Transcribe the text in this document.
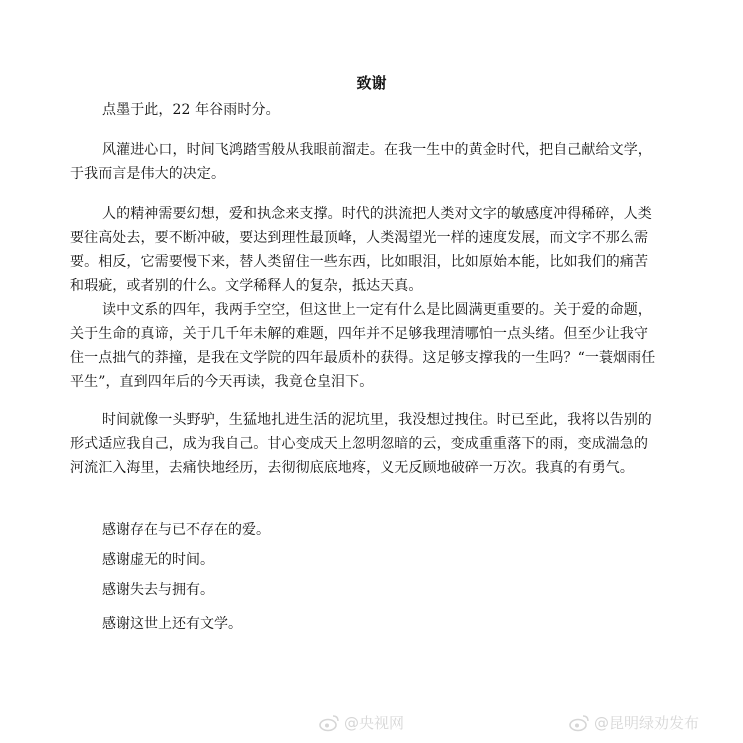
致谢
点墨于此，22 年谷雨时分。
风灌进心口，时间飞鸿踏雪般从我眼前溜走。在我一生中的黄金时代，把自己献给文学，于我而言是伟大的决定。
人的精神需要幻想，爱和执念来支撑。时代的洪流把人类对文字的敏感度冲得稀碎，人类要往高处去，要不断冲破，要达到理性最顶峰，人类渴望光一样的速度发展，而文字不那么需要。相反，它需要慢下来，替人类留住一些东西，比如眼泪，比如原始本能，比如我们的痛苦和瑕疵，或者别的什么。文学稀释人的复杂，抵达天真。
读中文系的四年，我两手空空，但这世上一定有什么是比圆满更重要的。关于爱的命题，关于生命的真谛，关于几千年未解的难题，四年并不足够我理清哪怕一点头绪。但至少让我守住一点拙气的莽撞，是我在文学院的四年最质朴的获得。这足够支撑我的一生吗？“一蓑烟雨任平生”，直到四年后的今天再读，我竟仓皇泪下。
时间就像一头野驴，生猛地扎进生活的泥坑里，我没想过拽住。时已至此，我将以告别的形式适应我自己，成为我自己。甘心变成天上忽明忽暗的云，变成重重落下的雨，变成湍急的河流汇入海里，去痛快地经历，去彻彻底底地疼，义无反顾地破碎一万次。我真的有勇气。
感谢存在与已不存在的爱。
感谢虚无的时间。
感谢失去与拥有。
感谢这世上还有文学。
@央视网	@昆明绿劝发布
